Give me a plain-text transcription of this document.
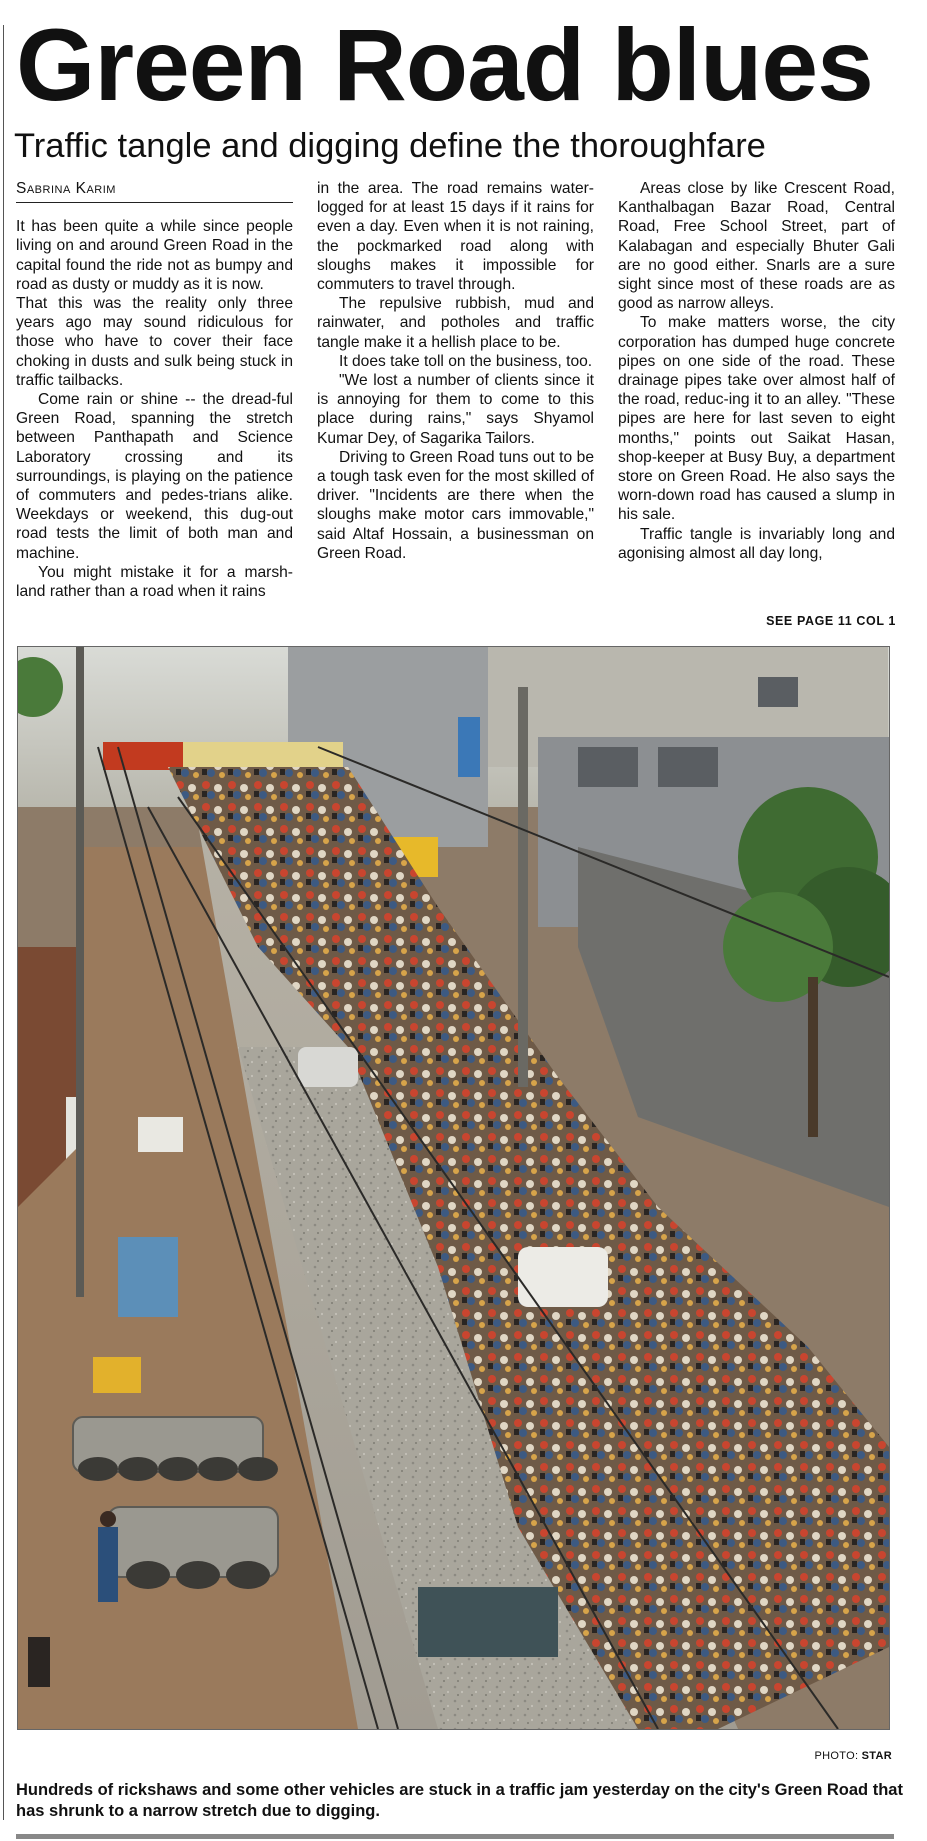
Green Road blues
Traffic tangle and digging define the thoroughfare
Sabrina Karim

It has been quite a while since people living on and around Green Road in the capital found the ride not as bumpy and road as dusty or muddy as it is now.

That this was the reality only three years ago may sound ridiculous for those who have to cover their face choking in dusts and sulk being stuck in traffic tailbacks.

Come rain or shine -- the dread-ful Green Road, spanning the stretch between Panthapath and Science Laboratory crossing and its surroundings, is playing on the patience of commuters and pedes-trians alike. Weekdays or weekend, this dug-out road tests the limit of both man and machine.

You might mistake it for a marsh-land rather than a road when it rains

in the area. The road remains water-logged for at least 15 days if it rains for even a day. Even when it is not raining, the pockmarked road along with sloughs makes it impossible for commuters to travel through.

The repulsive rubbish, mud and rainwater, and potholes and traffic tangle make it a hellish place to be.

It does take toll on the business, too.

"We lost a number of clients since it is annoying for them to come to this place during rains," says Shyamol Kumar Dey, of Sagarika Tailors.

Driving to Green Road tuns out to be a tough task even for the most skilled of driver. "Incidents are there when the sloughs make motor cars immovable," said Altaf Hossain, a businessman on Green Road.

Areas close by like Crescent Road, Kanthalbagan Bazar Road, Central Road, Free School Street, part of Kalabagan and especially Bhuter Gali are no good either. Snarls are a sure sight since most of these roads are as good as narrow alleys.

To make matters worse, the city corporation has dumped huge concrete pipes on one side of the road. These drainage pipes take over almost half of the road, reduc-ing it to an alley. "These pipes are here for last seven to eight months," points out Saikat Hasan, shop-keeper at Busy Buy, a department store on Green Road. He also says the worn-down road has caused a slump in his sale.

Traffic tangle is invariably long and agonising almost all day long,

SEE PAGE 11 COL 1
PHOTO: STAR
Hundreds of rickshaws and some other vehicles are stuck in a traffic jam yesterday on the city's Green Road that has shrunk to a narrow stretch due to digging.
